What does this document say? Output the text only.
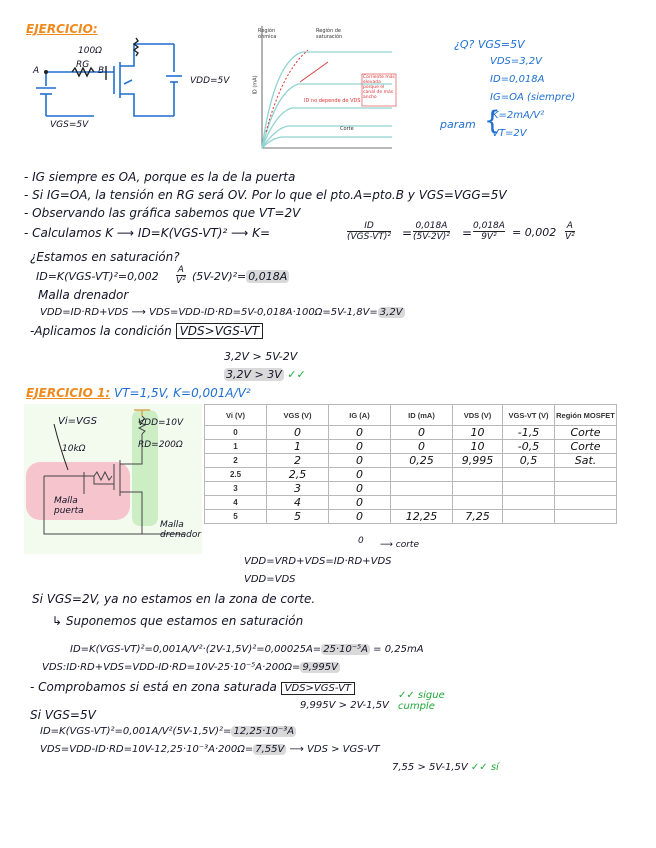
EJERCICIO:
100Ω
RG
A	B
VGS=5V
VDD=5V
Región óhmica
Región de saturación
Corriente más elevada porque el canal de más ancho
ID no depende de VDS
Corte
ID (mA)
¿Q? VGS=5V
VDS=3,2V
ID=0,018A
IG=OA (siempre)
param {
K=2mA/V²
VT=2V
- IG siempre es OA, porque es la de la puerta
- Si IG=OA, la tensión en RG será OV. Por lo que el pto.A=pto.B y VGS=VGG=5V
- Observando las gráfica sabemos que VT=2V
- Calculamos K ⟶ ID=K(VGS-VT)² ⟶ K=	ID
(VGS-VT)² = 0,018A
(5V-2V)² = 0,018A
9V²	= 0,002 A
V²
¿Estamos en saturación?
ID=K(VGS-VT)²=0,002 A
V² (5V-2V)²= 0,018A
Malla drenador
VDD=ID·RD+VDS ⟶ VDS=VDD-ID·RD=5V-0,018A·100Ω=5V-1,8V= 3,2V
-Aplicamos la condición VDS>VGS-VT
3,2V > 5V-2V
3,2V > 3V ✓✓
EJERCICIO 1: VT=1,5V, K=0,001A/V²
Vi=VGS
10kΩ
VDD=10V
RD=200Ω
Malla puerta
Malla drenador
Vi (V)	VGS (V)	IG (A)	ID (mA)	VDS (V)	VGS-VT (V)	Región MOSFET
0	0	0	0	10	-1,5	Corte
1	1	0	0	10	-0,5	Corte
2	2	0	0,25	9,995	0,5	Sat.
2.5	2,5	0				
3	3	0				
4	4	0				
5	5	0	12,25	7,25		
⟶ corte
0
VDD=VRD+VDS=ID·RD+VDS
VDD=VDS
Si VGS=2V, ya no estamos en la zona de corte.
↳ Suponemos que estamos en saturación
ID=K(VGS-VT)²=0,001A/V²·(2V-1,5V)²=0,00025A= 25·10⁻⁵A = 0,25mA
VDS:ID·RD+VDS=VDD-ID·RD=10V-25·10⁻⁵A·200Ω= 9,995V
- Comprobamos si está en zona saturada VDS>VGS-VT
9,995V > 2V-1,5V
✓✓ sigue cumple
Si VGS=5V
ID=K(VGS-VT)²=0,001A/V²(5V-1,5V)²= 12,25·10⁻³A
VDS=VDD-ID·RD=10V-12,25·10⁻³A·200Ω= 7,55V ⟶ VDS > VGS-VT
7,55 > 5V-1,5V ✓✓ sí
